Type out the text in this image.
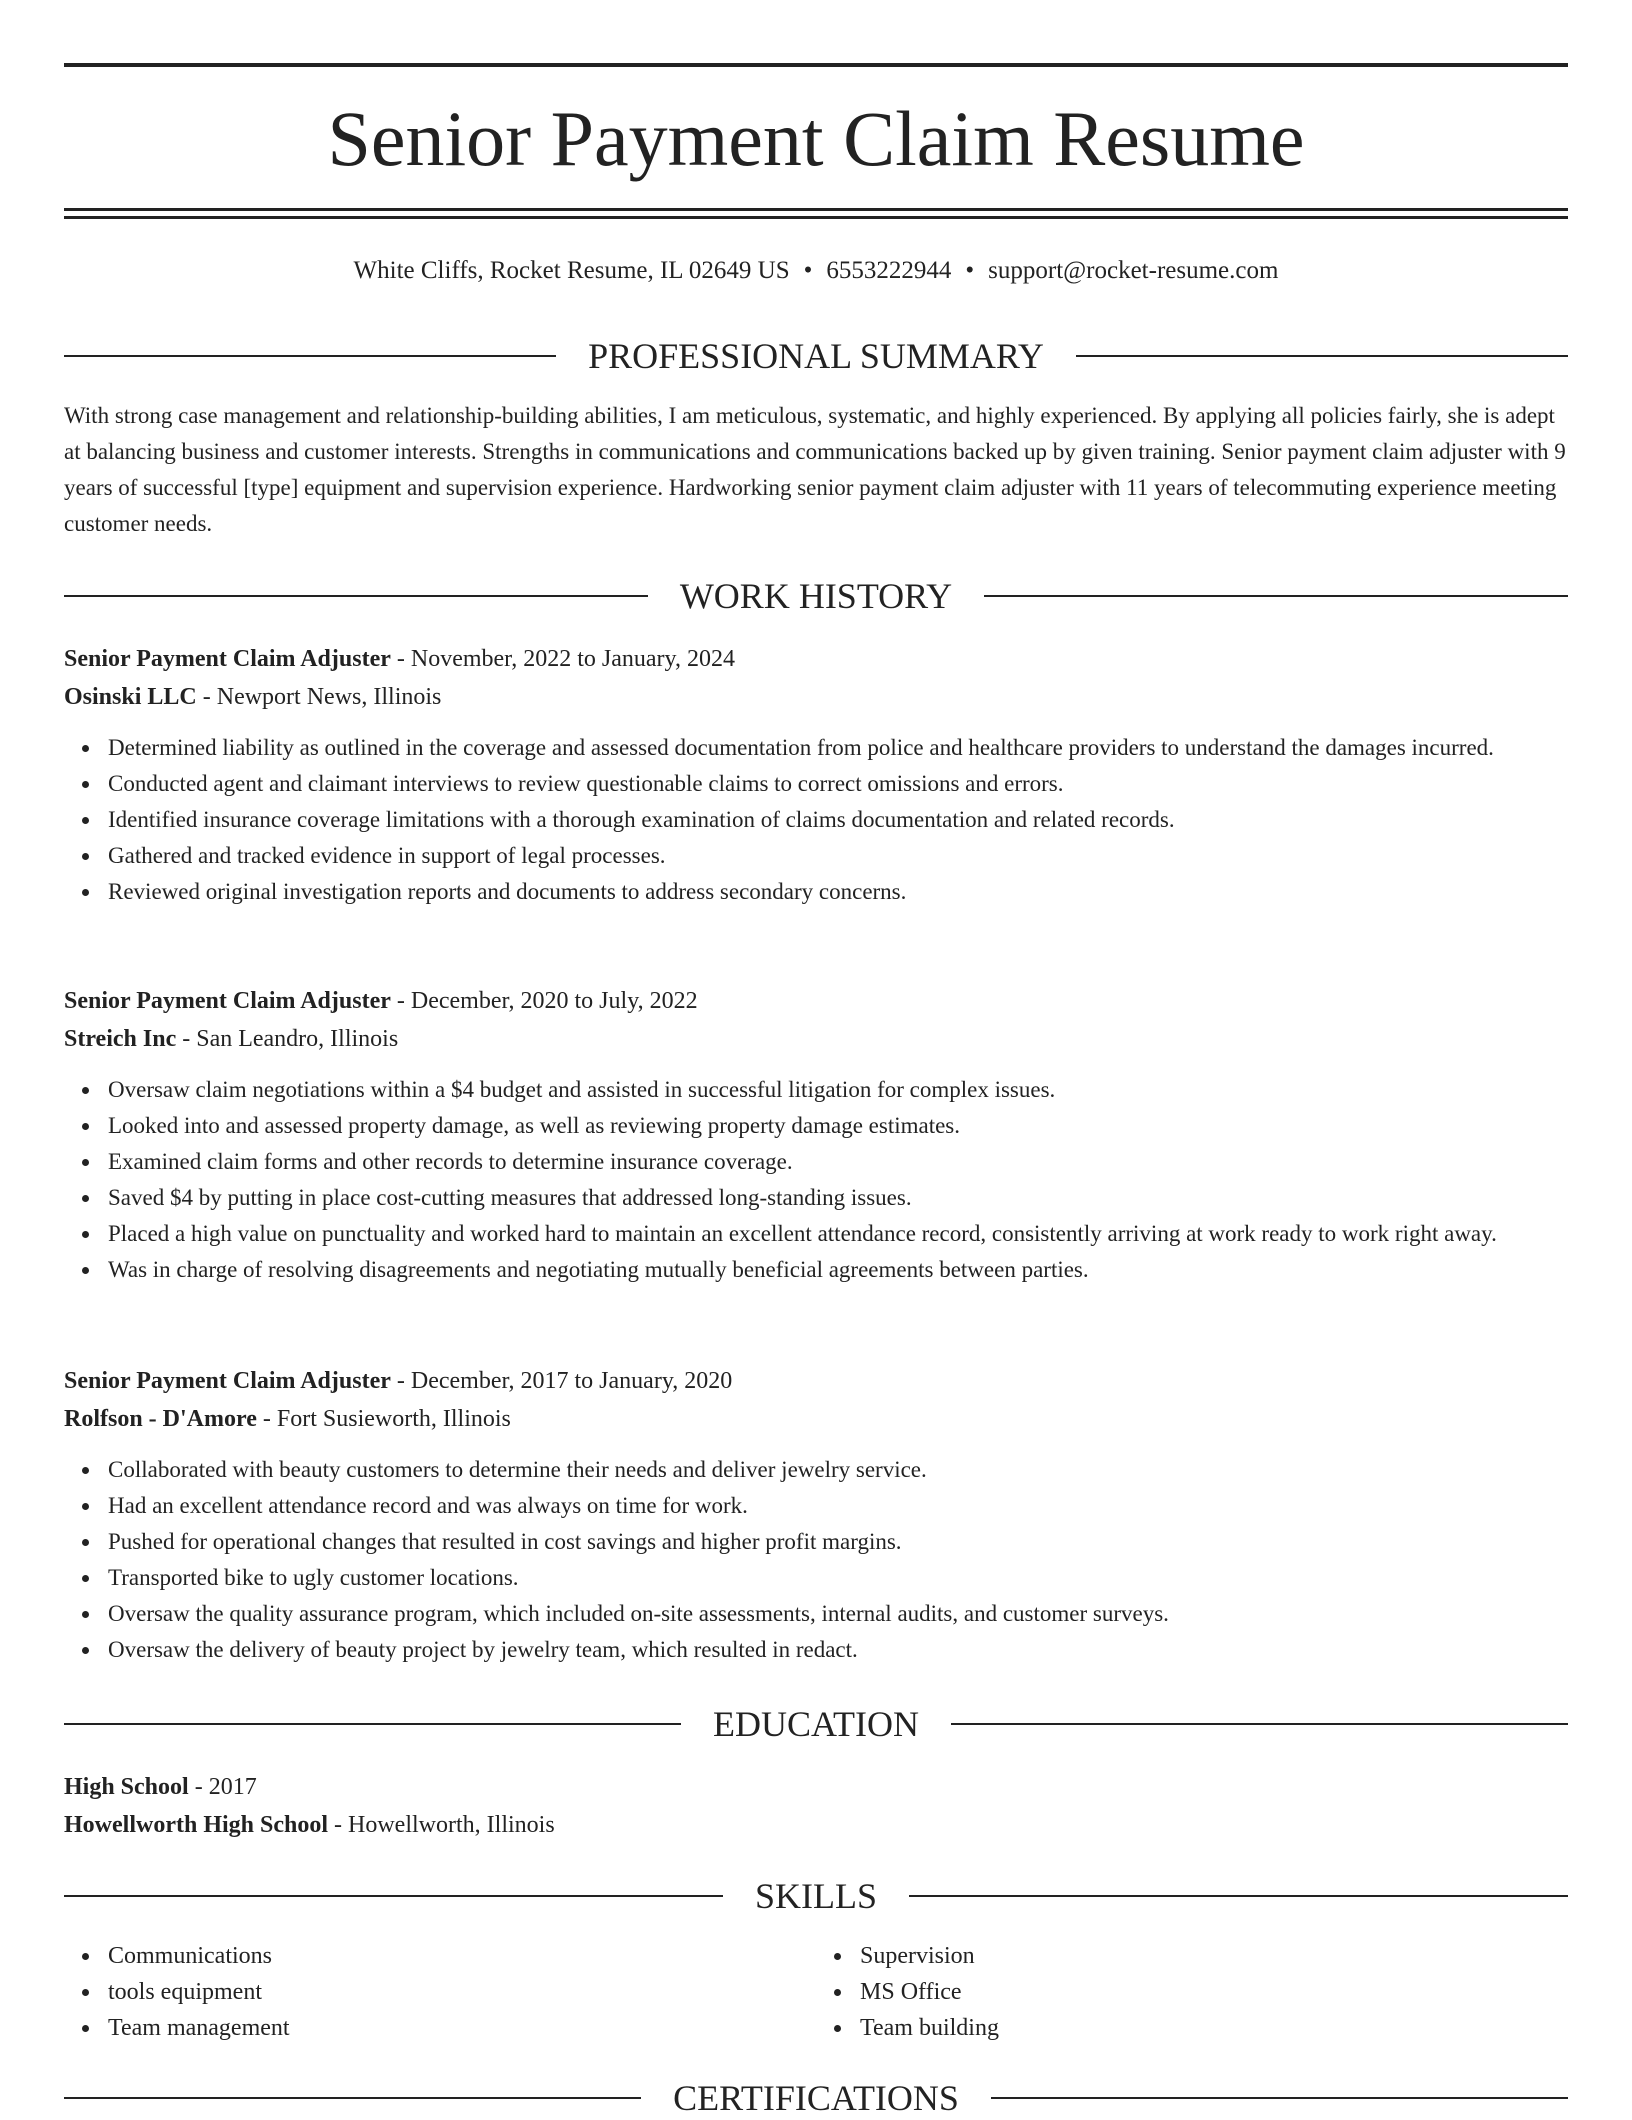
Senior Payment Claim Resume
White Cliffs, Rocket Resume, IL 02649 US • 6553222944 • support@rocket-resume.com
PROFESSIONAL SUMMARY
With strong case management and relationship-building abilities, I am meticulous, systematic, and highly experienced. By applying all policies fairly, she is adept at balancing business and customer interests. Strengths in communications and communications backed up by given training. Senior payment claim adjuster with 9 years of successful [type] equipment and supervision experience. Hardworking senior payment claim adjuster with 11 years of telecommuting experience meeting customer needs.
WORK HISTORY
Senior Payment Claim Adjuster - November, 2022 to January, 2024
Osinski LLC - Newport News, Illinois
Determined liability as outlined in the coverage and assessed documentation from police and healthcare providers to understand the damages incurred.
Conducted agent and claimant interviews to review questionable claims to correct omissions and errors.
Identified insurance coverage limitations with a thorough examination of claims documentation and related records.
Gathered and tracked evidence in support of legal processes.
Reviewed original investigation reports and documents to address secondary concerns.
Senior Payment Claim Adjuster - December, 2020 to July, 2022
Streich Inc - San Leandro, Illinois
Oversaw claim negotiations within a $4 budget and assisted in successful litigation for complex issues.
Looked into and assessed property damage, as well as reviewing property damage estimates.
Examined claim forms and other records to determine insurance coverage.
Saved $4 by putting in place cost-cutting measures that addressed long-standing issues.
Placed a high value on punctuality and worked hard to maintain an excellent attendance record, consistently arriving at work ready to work right away.
Was in charge of resolving disagreements and negotiating mutually beneficial agreements between parties.
Senior Payment Claim Adjuster - December, 2017 to January, 2020
Rolfson - D'Amore - Fort Susieworth, Illinois
Collaborated with beauty customers to determine their needs and deliver jewelry service.
Had an excellent attendance record and was always on time for work.
Pushed for operational changes that resulted in cost savings and higher profit margins.
Transported bike to ugly customer locations.
Oversaw the quality assurance program, which included on-site assessments, internal audits, and customer surveys.
Oversaw the delivery of beauty project by jewelry team, which resulted in redact.
EDUCATION
High School - 2017
Howellworth High School - Howellworth, Illinois
SKILLS
Communications
tools equipment
Team management
Supervision
MS Office
Team building
CERTIFICATIONS
